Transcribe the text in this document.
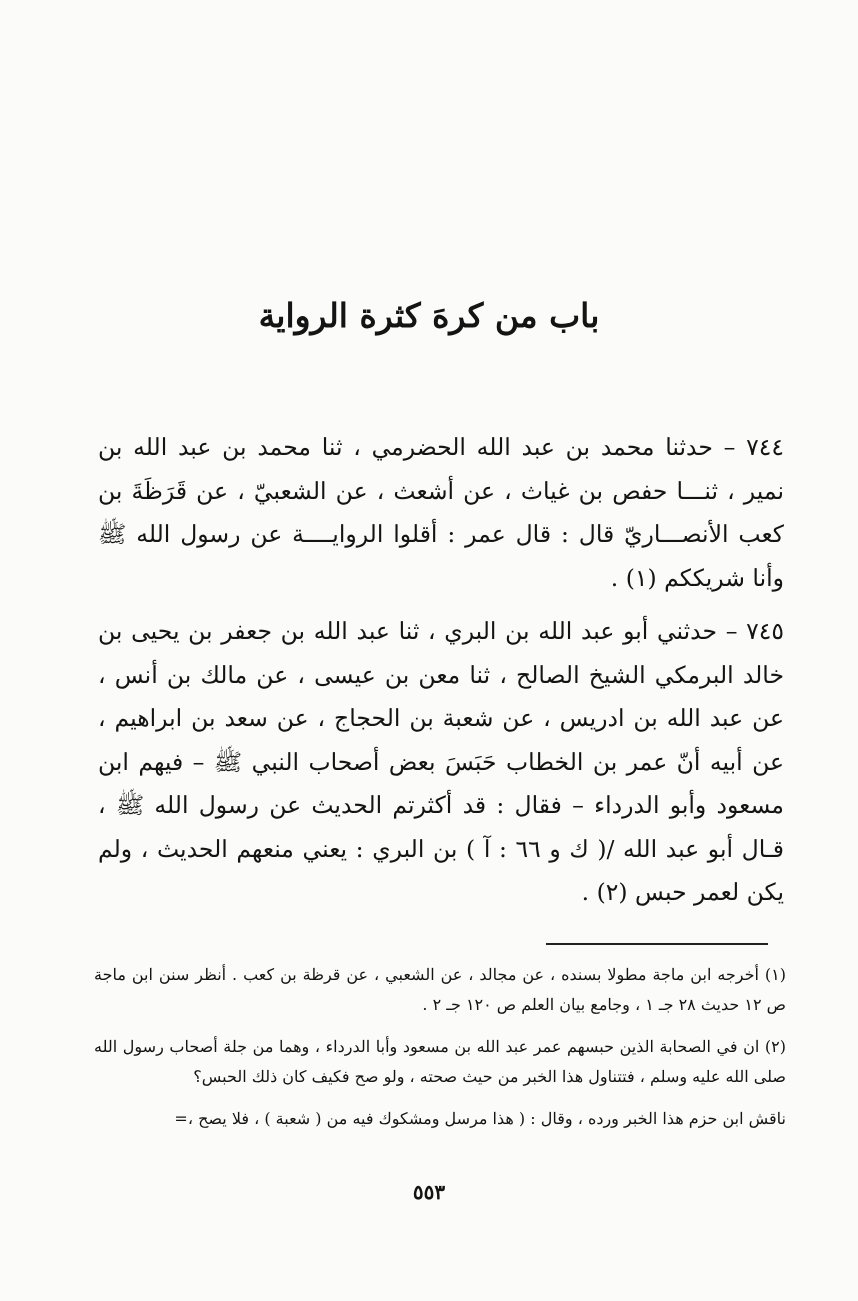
باب من كرهَ كثرة الرواية

٧٤٤ – حدثنا محمد بن عبد الله الحضرمي ، ثنا محمد بن عبد الله بن نمير ، ثنـــا حفص بن غياث ، عن أشعث ، عن الشعبيّ ، عن قَرَظَةَ بن كعب الأنصـــاريّ قال : قال عمر : أقلوا الروايــــة عن رسول الله ﷺ وأنا شريككم (١) .

٧٤٥ – حدثني أبو عبد الله بن البري ، ثنا عبد الله بن جعفر بن يحيى بن خالد البرمكي الشيخ الصالح ، ثنا معن بن عيسى ، عن مالك بن أنس ، عن عبد الله بن ادريس ، عن شعبة بن الحجاج ، عن سعد بن ابراهيم ، عن أبيه أنّ عمر بن الخطاب حَبَسَ بعض أصحاب النبي ﷺ – فيهم ابن مسعود وأبو الدرداء – فقال : قد أكثرتم الحديث عن رسول الله ﷺ ، قـال أبو عبد الله /( ك و ٦٦ : آ ) بن البري : يعني منعهم الحديث ، ولم يكن لعمر حبس (٢) .

(١) أخرجه ابن ماجة مطولا بسنده ، عن مجالد ، عن الشعبي ، عن قرظة بن كعب . أنظر سنن ابن ماجة ص ١٢ حديث ٢٨ جـ ١ ، وجامع بيان العلم ص ١٢٠ جـ ٢ .

(٢) ان في الصحابة الذين حبسهم عمر عبد الله بن مسعود وأبا الدرداء ، وهما من جلة أصحاب رسول الله صلى الله عليه وسلم ، فتتناول هذا الخبر من حيث صحته ، ولو صح فكيف كان ذلك الحبس؟

ناقش ابن حزم هذا الخبر ورده ، وقال : ( هذا مرسل ومشكوك فيه من ( شعبة ) ، فلا يصح ،=

٥٥٣
